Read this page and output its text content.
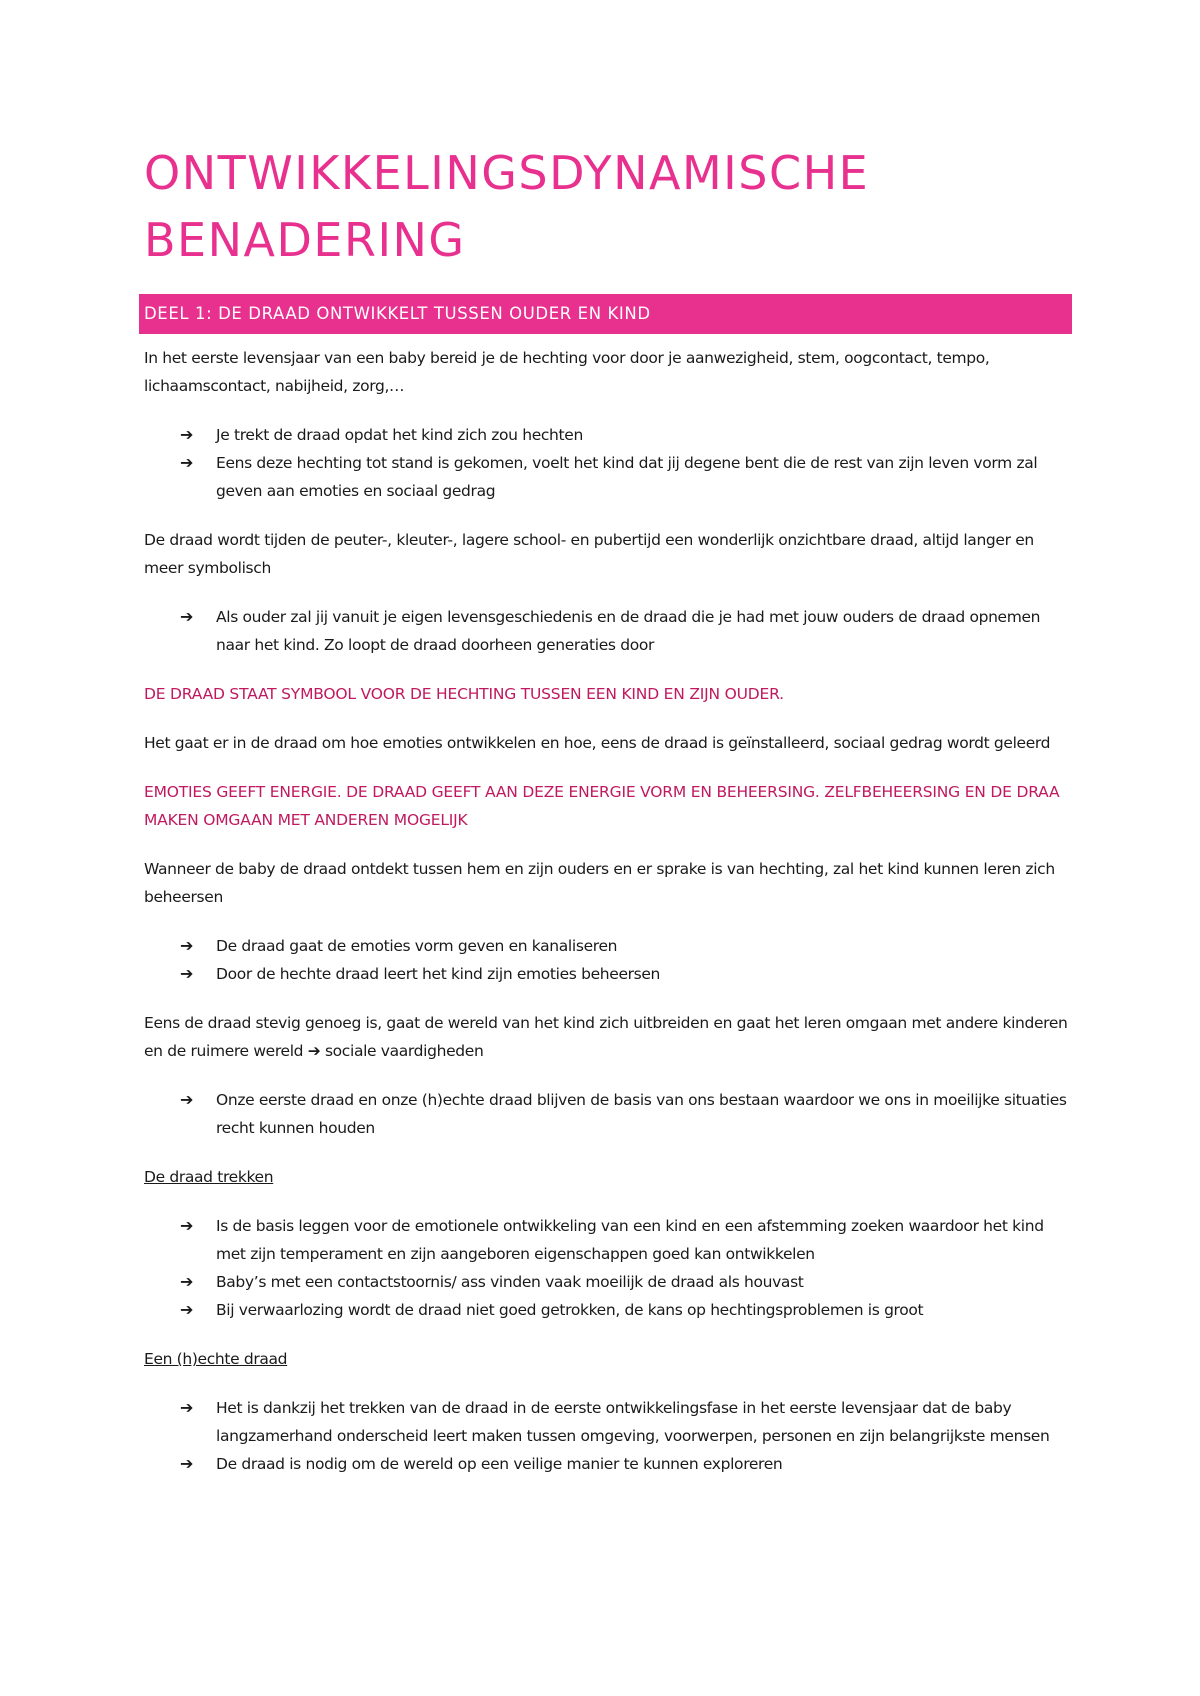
ONTWIKKELINGSDYNAMISCHE
BENADERING
DEEL 1: DE DRAAD ONTWIKKELT TUSSEN OUDER EN KIND

In het eerste levensjaar van een baby bereid je de hechting voor door je aanwezigheid, stem, oogcontact, tempo, lichaamscontact, nabijheid, zorg,…

➔ Je trekt de draad opdat het kind zich zou hechten
➔ Eens deze hechting tot stand is gekomen, voelt het kind dat jij degene bent die de rest van zijn leven vorm zal geven aan emoties en sociaal gedrag

De draad wordt tijden de peuter-, kleuter-, lagere school- en pubertijd een wonderlijk onzichtbare draad, altijd langer en meer symbolisch

➔ Als ouder zal jij vanuit je eigen levensgeschiedenis en de draad die je had met jouw ouders de draad opnemen naar het kind. Zo loopt de draad doorheen generaties door

DE DRAAD STAAT SYMBOOL VOOR DE HECHTING TUSSEN EEN KIND EN ZIJN OUDER.

Het gaat er in de draad om hoe emoties ontwikkelen en hoe, eens de draad is geïnstalleerd, sociaal gedrag wordt geleerd

EMOTIES GEEFT ENERGIE. DE DRAAD GEEFT AAN DEZE ENERGIE VORM EN BEHEERSING. ZELFBEHEERSING EN DE DRAA MAKEN OMGAAN MET ANDEREN MOGELIJK

Wanneer de baby de draad ontdekt tussen hem en zijn ouders en er sprake is van hechting, zal het kind kunnen leren zich beheersen

➔ De draad gaat de emoties vorm geven en kanaliseren
➔ Door de hechte draad leert het kind zijn emoties beheersen

Eens de draad stevig genoeg is, gaat de wereld van het kind zich uitbreiden en gaat het leren omgaan met andere kinderen en de ruimere wereld ➔ sociale vaardigheden

➔ Onze eerste draad en onze (h)echte draad blijven de basis van ons bestaan waardoor we ons in moeilijke situaties recht kunnen houden

De draad trekken

➔ Is de basis leggen voor de emotionele ontwikkeling van een kind en een afstemming zoeken waardoor het kind met zijn temperament en zijn aangeboren eigenschappen goed kan ontwikkelen
➔ Baby’s met een contactstoornis/ ass vinden vaak moeilijk de draad als houvast
➔ Bij verwaarlozing wordt de draad niet goed getrokken, de kans op hechtingsproblemen is groot

Een (h)echte draad

➔ Het is dankzij het trekken van de draad in de eerste ontwikkelingsfase in het eerste levensjaar dat de baby langzamerhand onderscheid leert maken tussen omgeving, voorwerpen, personen en zijn belangrijkste mensen
➔ De draad is nodig om de wereld op een veilige manier te kunnen exploreren
